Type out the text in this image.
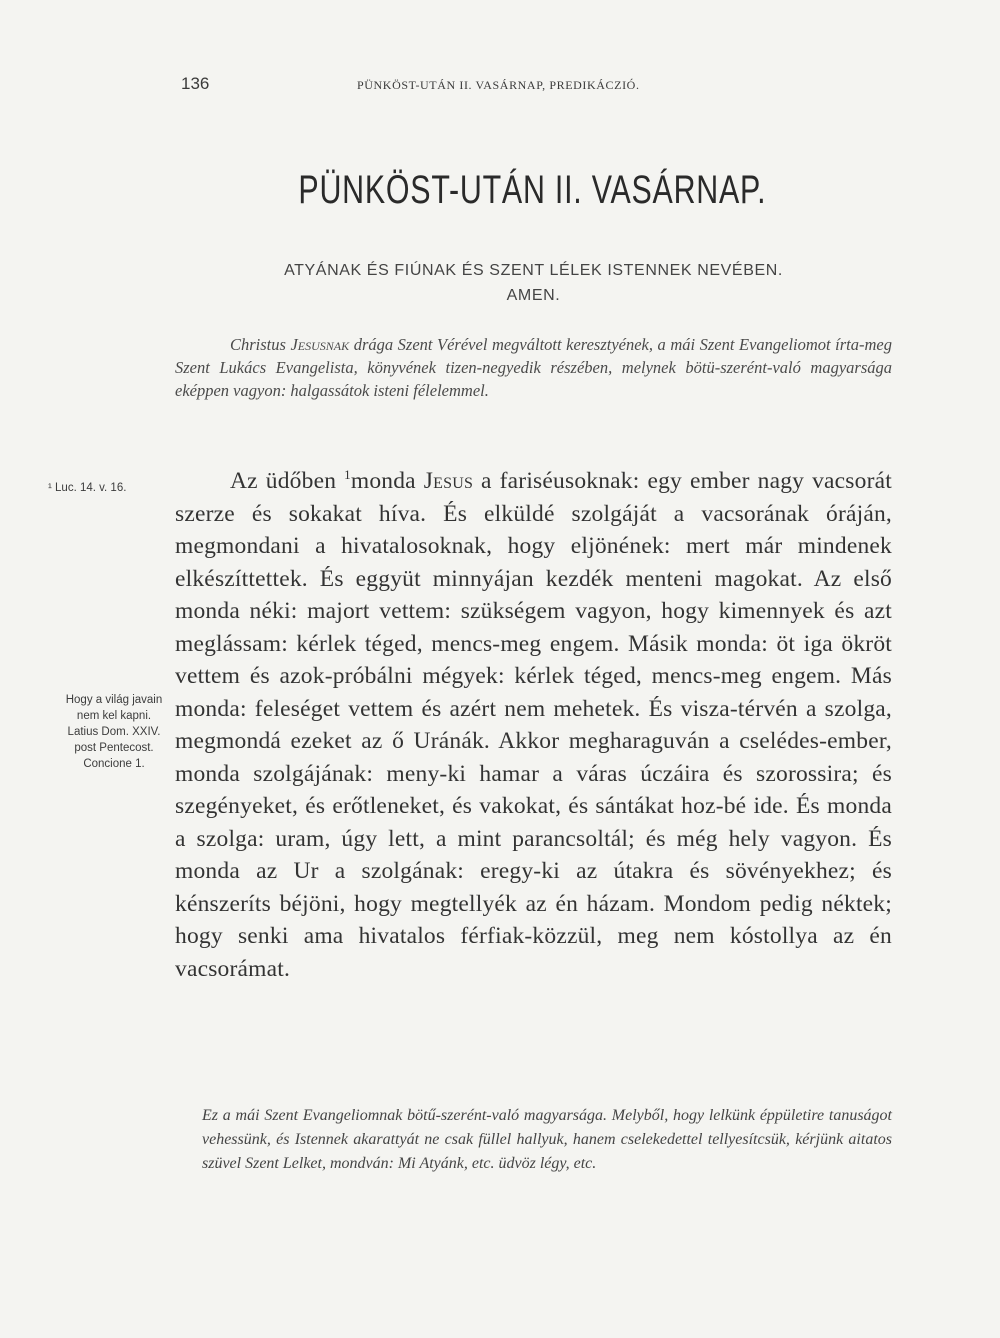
136	PÜNKÖST-UTÁN II. VASÁRNAP, PREDIKÁCZIÓ.
PÜNKÖST-UTÁN II. VASÁRNAP.
ATYÁNAK ÉS FIÚNAK ÉS SZENT LÉLEK ISTENNEK NEVÉBEN.
AMEN.
Christus Jesusnak drága Szent Vérével megváltott keresztyének, a mái Szent Evangeliomot írta-meg Szent Lukács Evangelista, könyvének tizen-negyedik részében, melynek bötü-szerént-való magyarsága eképpen vagyon: halgassátok isteni félelemmel.
¹ Luc. 14. v. 16.
Hogy a világ javain nem kel kapni. Latius Dom. XXIV. post Pentecost. Concione 1.
Az üdőben $^1$monda Jesus a fariséusoknak: egy ember nagy vacsorát szerze és sokakat híva. És elküldé szolgáját a vacsorának óráján, megmondani a hivatalosoknak, hogy eljönének: mert már mindenek elkészíttettek. És eggyüt minnyájan kezdék menteni magokat. Az első monda néki: majort vettem: szükségem vagyon, hogy kimennyek és azt meglássam: kérlek téged, mencs-meg engem. Másik monda: öt iga ökröt vettem és azok-próbálni mégyek: kérlek téged, mencs-meg engem. Más monda: feleséget vettem és azért nem mehetek. És visza-térvén a szolga, megmondá ezeket az ő Uránák. Akkor megharaguván a cselédes-ember, monda szolgájának: meny-ki hamar a váras úczáira és szorossira; és szegényeket, és erőtleneket, és vakokat, és sántákat hoz-bé ide. És monda a szolga: uram, úgy lett, a mint parancsoltál; és még hely vagyon. És monda az Ur a szolgának: eregy-ki az útakra és sövényekhez; és kénszeríts béjöni, hogy megtellyék az én házam. Mondom pedig néktek; hogy senki ama hivatalos férfiak-közzül, meg nem kóstollya az én vacsorámat.
Ez a mái Szent Evangeliomnak bötű-szerént-való magyarsága. Melyből, hogy lelkünk éppületire tanuságot vehessünk, és Istennek akarattyát ne csak füllel hallyuk, hanem cselekedettel tellyesítcsük, kérjünk aitatos szüvel Szent Lelket, mondván: Mi Atyánk, etc. üdvöz légy, etc.
